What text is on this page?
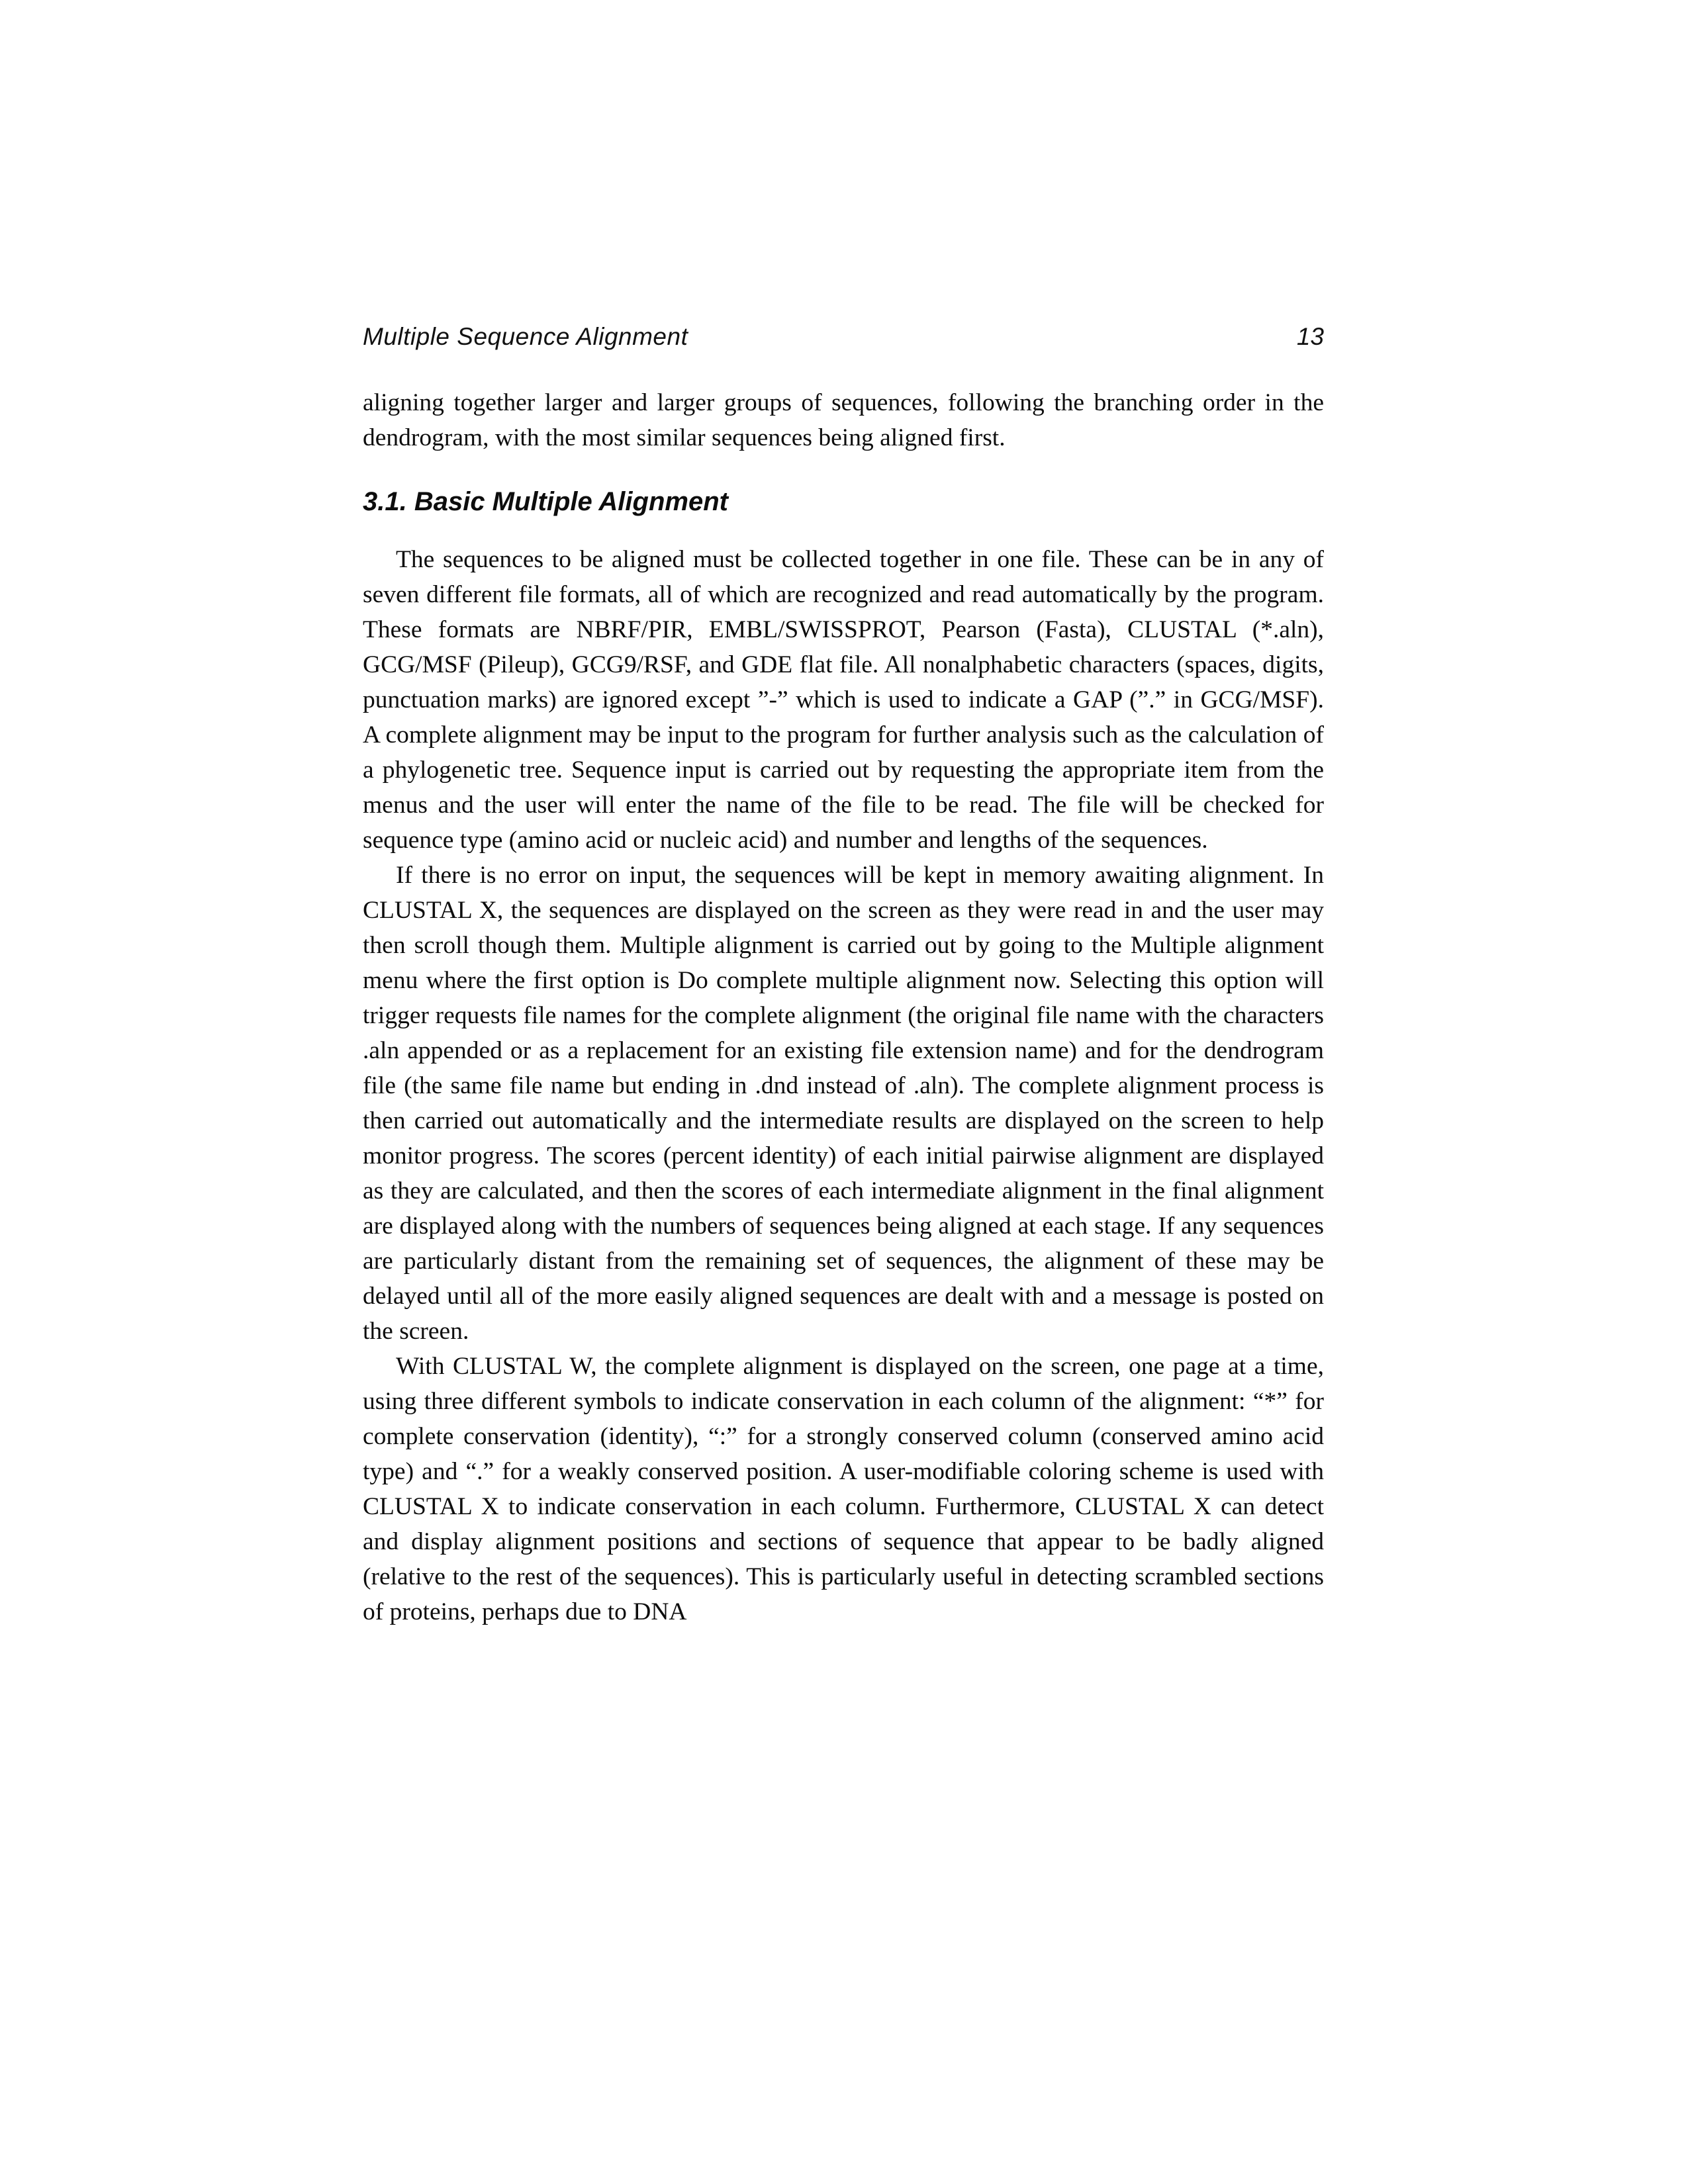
Multiple Sequence Alignment	13

aligning together larger and larger groups of sequences, following the branching order in the dendrogram, with the most similar sequences being aligned first.

3.1. Basic Multiple Alignment

The sequences to be aligned must be collected together in one file. These can be in any of seven different file formats, all of which are recognized and read automatically by the program. These formats are NBRF/PIR, EMBL/SWISSPROT, Pearson (Fasta), CLUSTAL (*.aln), GCG/MSF (Pileup), GCG9/RSF, and GDE flat file. All nonalphabetic characters (spaces, digits, punctuation marks) are ignored except ”-” which is used to indicate a GAP (”.” in GCG/MSF). A complete alignment may be input to the program for further analysis such as the calculation of a phylogenetic tree. Sequence input is carried out by requesting the appropriate item from the menus and the user will enter the name of the file to be read. The file will be checked for sequence type (amino acid or nucleic acid) and number and lengths of the sequences.

If there is no error on input, the sequences will be kept in memory awaiting alignment. In CLUSTAL X, the sequences are displayed on the screen as they were read in and the user may then scroll though them. Multiple alignment is carried out by going to the Multiple alignment menu where the first option is Do complete multiple alignment now. Selecting this option will trigger requests file names for the complete alignment (the original file name with the characters .aln appended or as a replacement for an existing file extension name) and for the dendrogram file (the same file name but ending in .dnd instead of .aln). The complete alignment process is then carried out automatically and the intermediate results are displayed on the screen to help monitor progress. The scores (percent identity) of each initial pairwise alignment are displayed as they are calculated, and then the scores of each intermediate alignment in the final alignment are displayed along with the numbers of sequences being aligned at each stage. If any sequences are particularly distant from the remaining set of sequences, the alignment of these may be delayed until all of the more easily aligned sequences are dealt with and a message is posted on the screen.

With CLUSTAL W, the complete alignment is displayed on the screen, one page at a time, using three different symbols to indicate conservation in each column of the alignment: “*” for complete conservation (identity), “:” for a strongly conserved column (conserved amino acid type) and “.” for a weakly conserved position. A user-modifiable coloring scheme is used with CLUSTAL X to indicate conservation in each column. Furthermore, CLUSTAL X can detect and display alignment positions and sections of sequence that appear to be badly aligned (relative to the rest of the sequences). This is particularly useful in detecting scrambled sections of proteins, perhaps due to DNA
